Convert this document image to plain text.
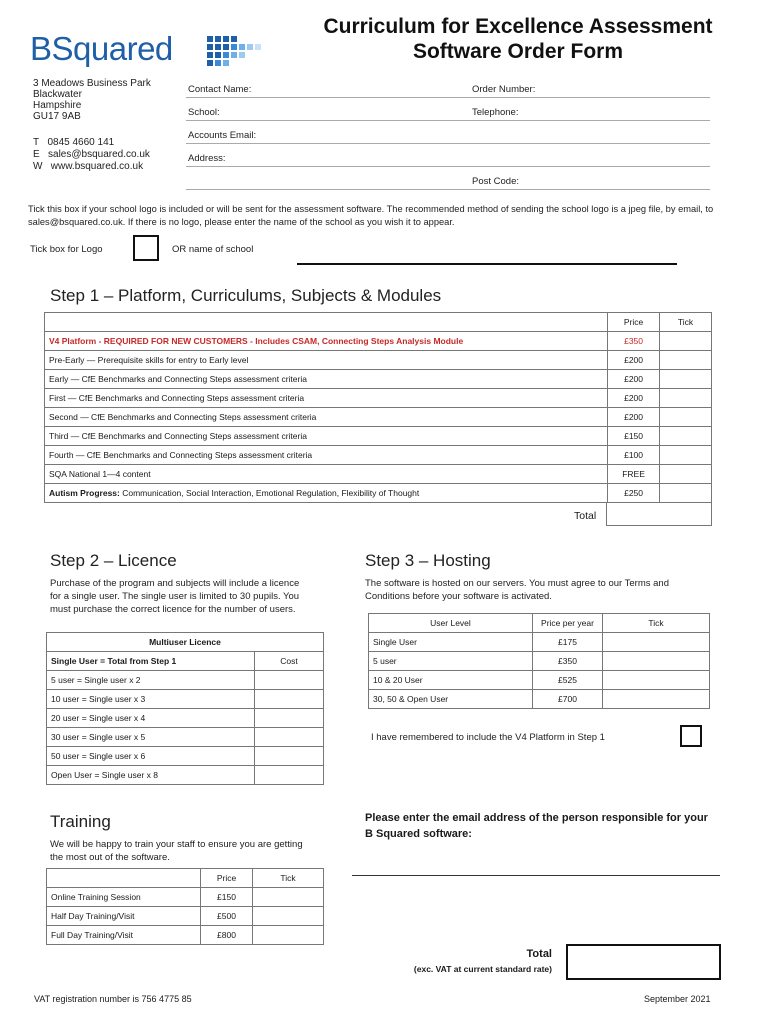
BSquared
Curriculum for Excellence Assessment
Software Order Form
3 Meadows Business Park
Blackwater
Hampshire
GU17 9AB
T 0845 4660 141
E sales@bsquared.co.uk
W www.bsquared.co.uk
Contact Name:	Order Number:
School:	Telephone:
Accounts Email:
Address:
Post Code:
Tick this box if your school logo is included or will be sent for the assessment software. The recommended method of sending the school logo is a jpeg file, by email, to sales@bsquared.co.uk. If there is no logo, please enter the name of the school as you wish it to appear.
Tick box for Logo	OR name of school
Step 1 – Platform, Curriculums, Subjects & Modules
	Price	Tick
V4 Platform - REQUIRED FOR NEW CUSTOMERS - Includes CSAM, Connecting Steps Analysis Module	£350	
Pre-Early — Prerequisite skills for entry to Early level	£200	
Early — CfE Benchmarks and Connecting Steps assessment criteria	£200	
First — CfE Benchmarks and Connecting Steps assessment criteria	£200	
Second — CfE Benchmarks and Connecting Steps assessment criteria	£200	
Third — CfE Benchmarks and Connecting Steps assessment criteria	£150	
Fourth — CfE Benchmarks and Connecting Steps assessment criteria	£100	
SQA National 1—4 content	FREE	
Autism Progress: Communication, Social Interaction, Emotional Regulation, Flexibility of Thought	£250	
Total
Step 2 – Licence
Purchase of the program and subjects will include a licence for a single user. The single user is limited to 30 pupils. You must purchase the correct licence for the number of users.
Multiuser Licence	
Single User = Total from Step 1	Cost
5 user = Single user x 2	
10 user = Single user x 3	
20 user = Single user x 4	
30 user = Single user x 5	
50 user = Single user x 6	
Open User = Single user x 8	
Step 3 – Hosting
The software is hosted on our servers. You must agree to our Terms and Conditions before your software is activated.
User Level	Price per year	Tick
Single User	£175	
5 user	£350	
10 & 20 User	£525	
30, 50 & Open User	£700	
I have remembered to include the V4 Platform in Step 1
Training
We will be happy to train your staff to ensure you are getting the most out of the software.
	Price	Tick
Online Training Session	£150	
Half Day Training/Visit	£500	
Full Day Training/Visit	£800	
Please enter the email address of the person responsible for your B Squared software:
Total
(exc. VAT at current standard rate)
VAT registration number is 756 4775 85	September 2021
